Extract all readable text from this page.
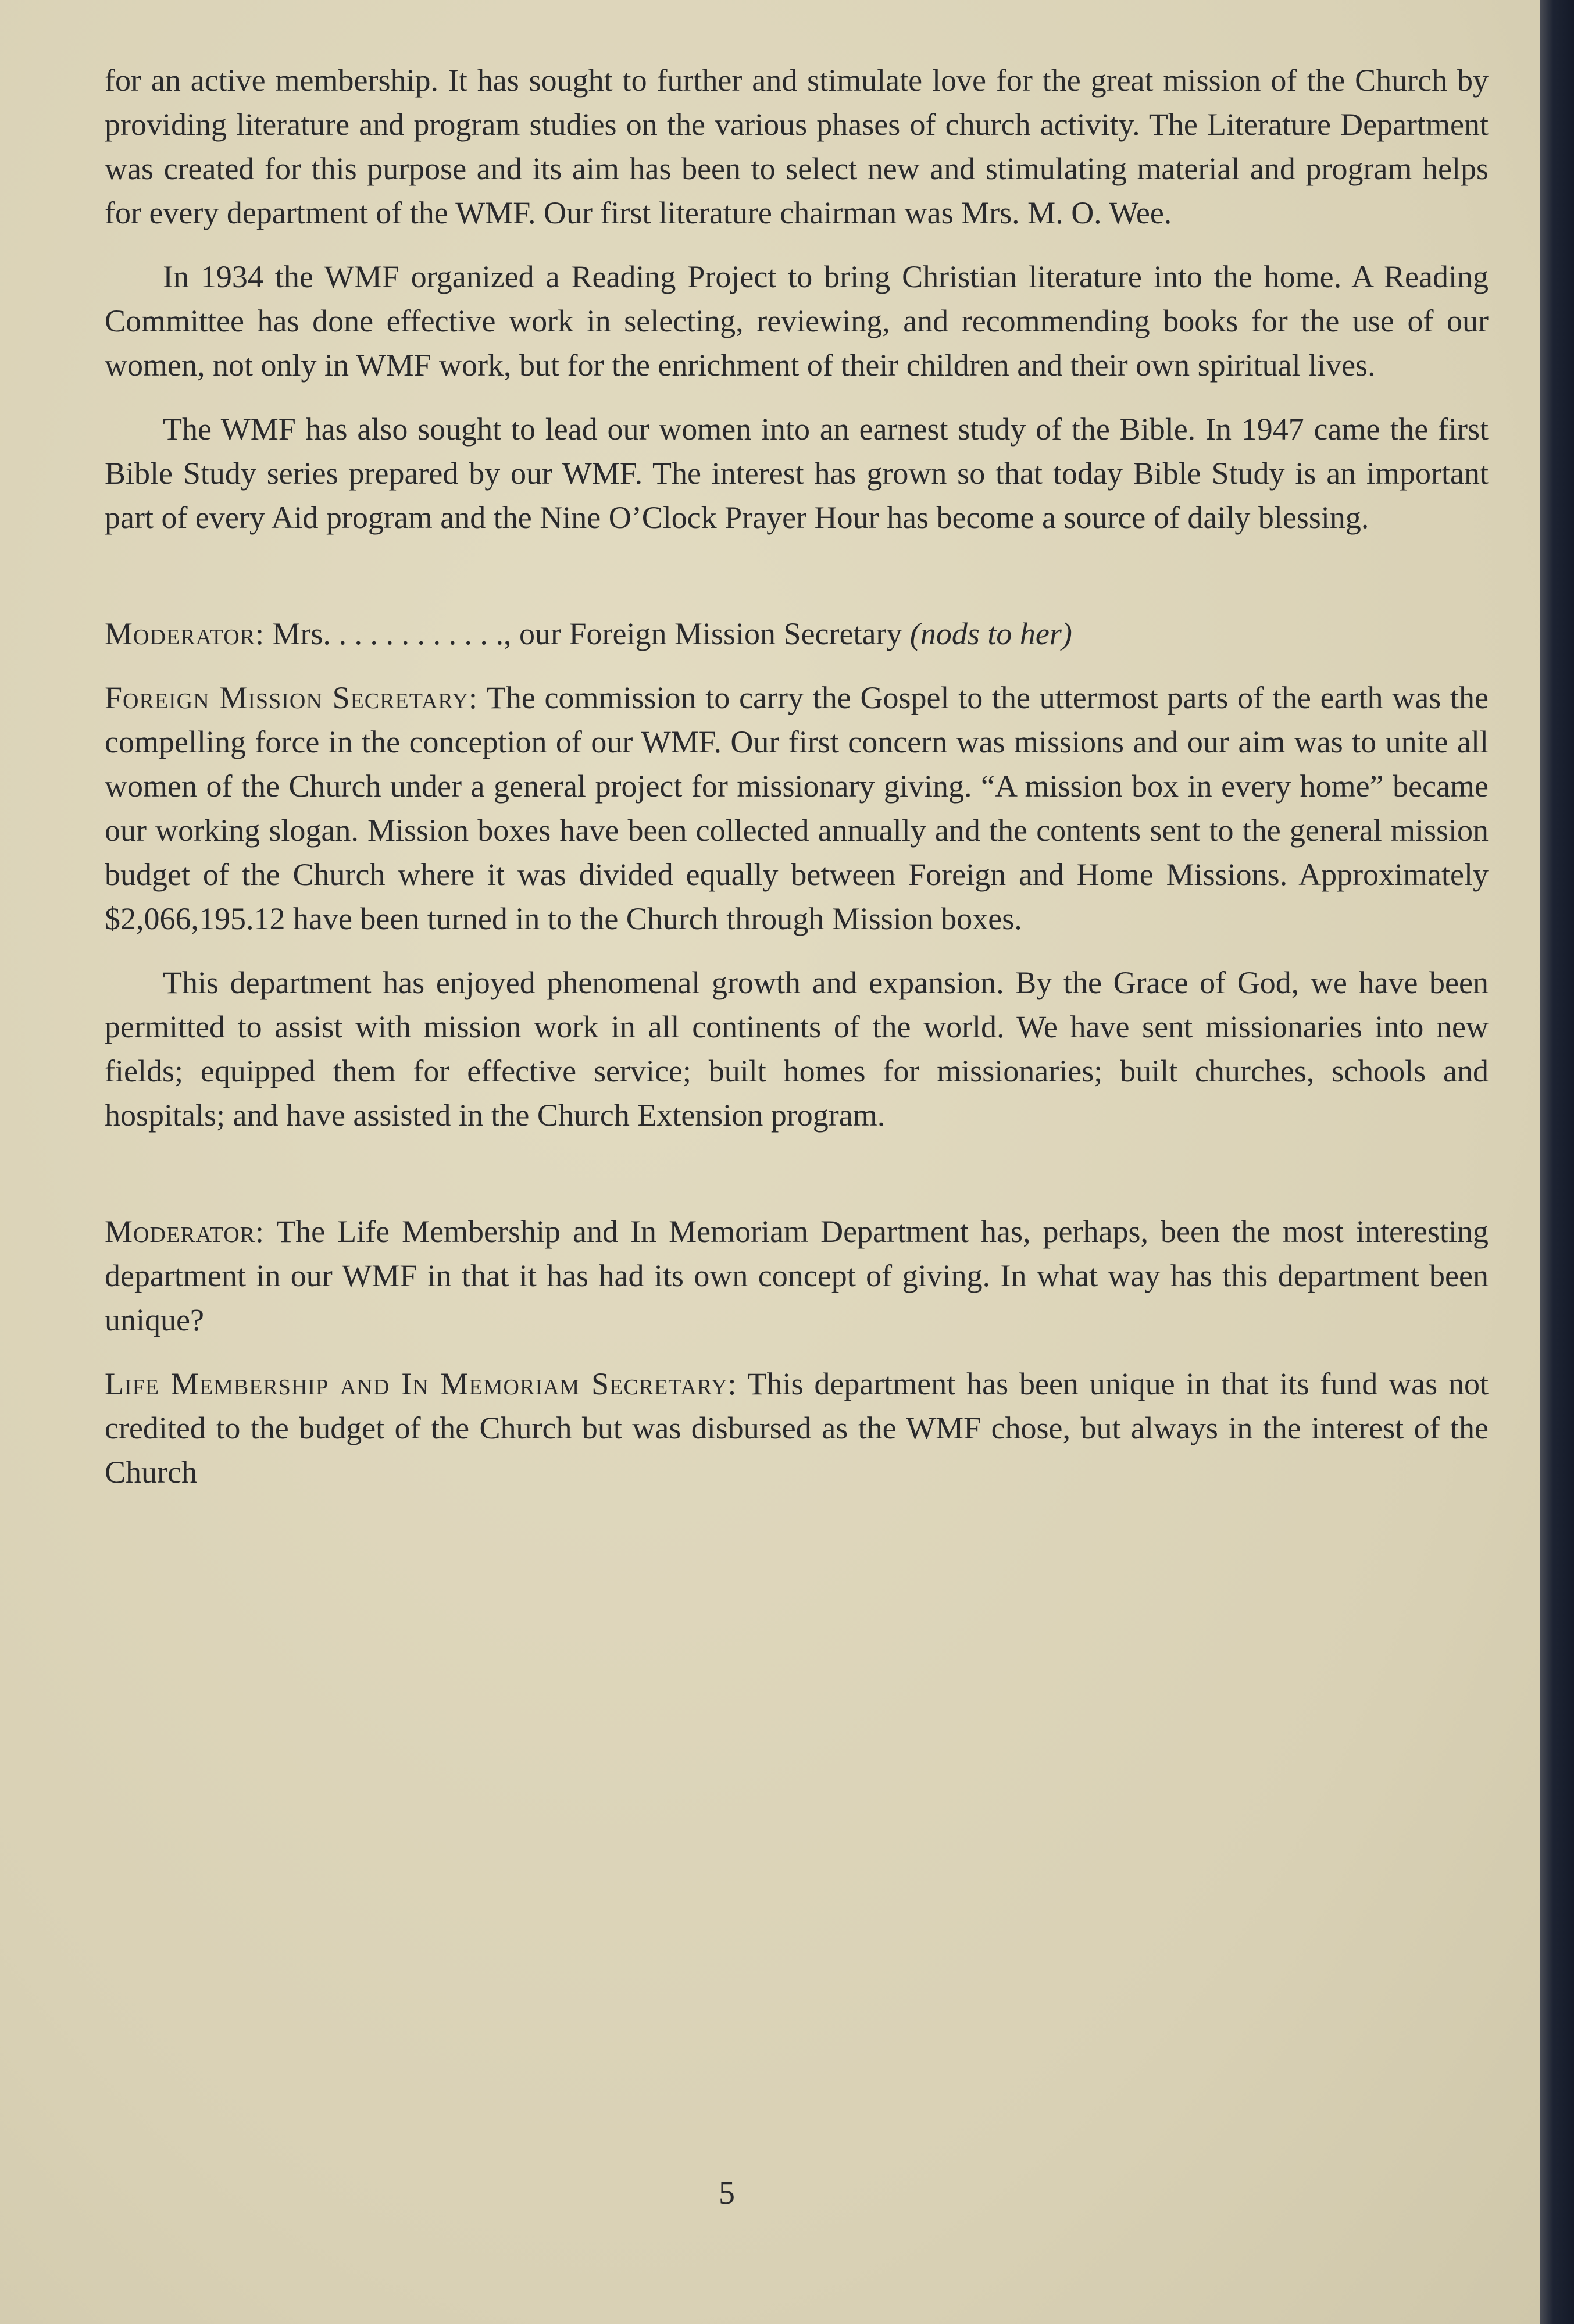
for an active membership. It has sought to further and stimulate love for the great mission of the Church by providing literature and program studies on the various phases of church activity. The Literature Department was created for this purpose and its aim has been to select new and stimulating material and program helps for every department of the WMF. Our first literature chairman was Mrs. M. O. Wee.

In 1934 the WMF organized a Reading Project to bring Christian literature into the home. A Reading Committee has done effective work in selecting, reviewing, and recommending books for the use of our women, not only in WMF work, but for the enrichment of their children and their own spiritual lives.

The WMF has also sought to lead our women into an earnest study of the Bible. In 1947 came the first Bible Study series prepared by our WMF. The interest has grown so that today Bible Study is an important part of every Aid program and the Nine O’Clock Prayer Hour has become a source of daily blessing.

Moderator: Mrs. . . . . . . . . . . ., our Foreign Mission Secretary (nods to her)

Foreign Mission Secretary: The commission to carry the Gospel to the uttermost parts of the earth was the compelling force in the conception of our WMF. Our first concern was missions and our aim was to unite all women of the Church under a general project for missionary giving. “A mission box in every home” became our working slogan. Mission boxes have been collected annually and the contents sent to the general mission budget of the Church where it was divided equally between Foreign and Home Missions. Approximately $2,066,195.12 have been turned in to the Church through Mission boxes.

This department has enjoyed phenomenal growth and expansion. By the Grace of God, we have been permitted to assist with mission work in all continents of the world. We have sent missionaries into new fields; equipped them for effective service; built homes for missionaries; built churches, schools and hospitals; and have assisted in the Church Extension program.

Moderator: The Life Membership and In Memoriam Department has, perhaps, been the most interesting department in our WMF in that it has had its own concept of giving. In what way has this department been unique?

Life Membership and In Memoriam Secretary: This department has been unique in that its fund was not credited to the budget of the Church but was disbursed as the WMF chose, but always in the interest of the Church

5
